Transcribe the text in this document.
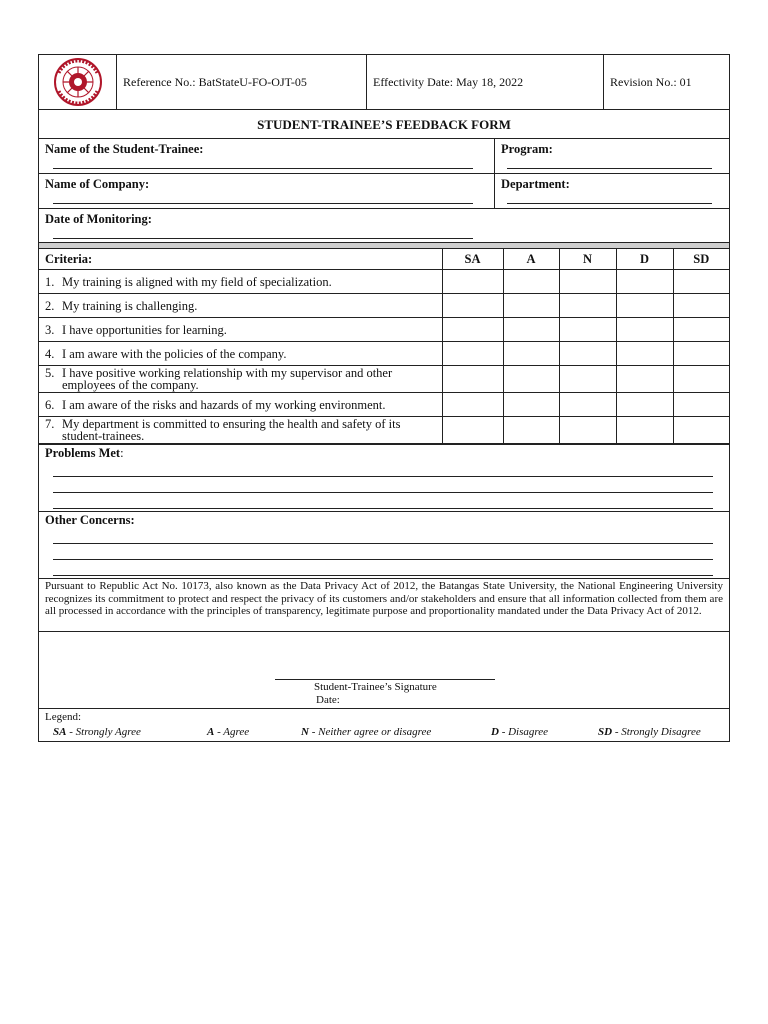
Reference No.: BatStateU-FO-OJT-05	Effectivity Date: May 18, 2022	Revision No.: 01
STUDENT-TRAINEE’S FEEDBACK FORM
Name of the Student-Trainee:	Program:
Name of Company:	Department:
Date of Monitoring:
Criteria:	SA	A	N	D	SD

1. My training is aligned with my field of specialization.					

2. My training is challenging.					

3. I have opportunities for learning.					

4. I am aware with the policies of the company.					

5. I have positive working relationship with my supervisor and other employees of the company.					

6. I am aware of the risks and hazards of my working environment.					

7. My department is committed to ensuring the health and safety of its student-trainees.					

Problems Met:
Other Concerns:
Pursuant to Republic Act No. 10173, also known as the Data Privacy Act of 2012, the Batangas State University, the National Engineering University recognizes its commitment to protect and respect the privacy of its customers and/or stakeholders and ensure that all information collected from them are all processed in accordance with the principles of transparency, legitimate purpose and proportionality mandated under the Data Privacy Act of 2012.
Student-Trainee’s Signature
Date:
Legend:
SA - Strongly Agree	A - Agree	N - Neither agree or disagree	D - Disagree	SD - Strongly Disagree
